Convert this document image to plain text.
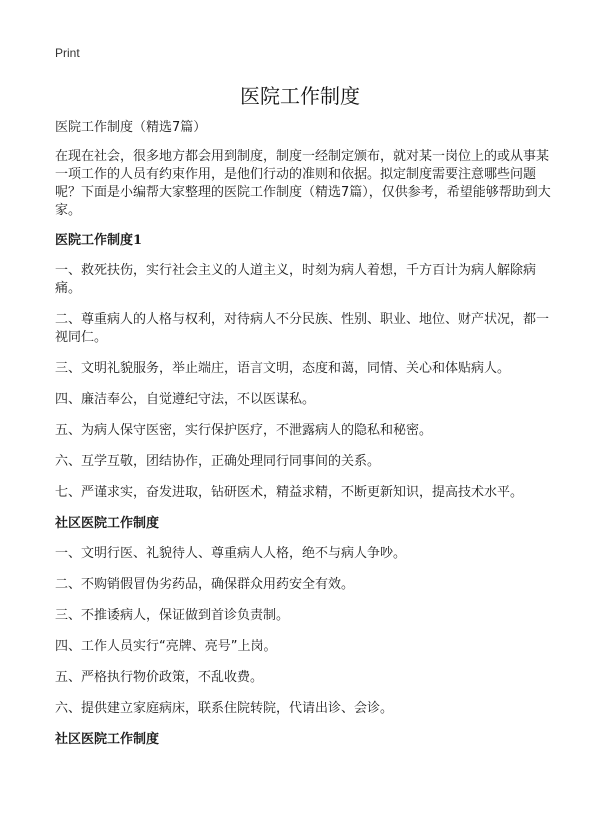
Print
医院工作制度

医院工作制度（精选7篇）

在现在社会，很多地方都会用到制度，制度一经制定颁布，就对某一岗位上的或从事某一项工作的人员有约束作用，是他们行动的准则和依据。拟定制度需要注意哪些问题呢？下面是小编帮大家整理的医院工作制度（精选7篇），仅供参考，希望能够帮助到大家。

医院工作制度1

一、救死扶伤，实行社会主义的人道主义，时刻为病人着想，千方百计为病人解除病痛。

二、尊重病人的人格与权利，对待病人不分民族、性别、职业、地位、财产状况，都一视同仁。

三、文明礼貌服务，举止端庄，语言文明，态度和蔼，同情、关心和体贴病人。

四、廉洁奉公，自觉遵纪守法，不以医谋私。

五、为病人保守医密，实行保护医疗，不泄露病人的隐私和秘密。

六、互学互敬，团结协作，正确处理同行同事间的关系。

七、严谨求实，奋发进取，钻研医术，精益求精，不断更新知识，提高技术水平。

社区医院工作制度

一、文明行医、礼貌待人、尊重病人人格，绝不与病人争吵。

二、不购销假冒伪劣药品，确保群众用药安全有效。

三、不推诿病人，保证做到首诊负责制。

四、工作人员实行“亮牌、亮号”上岗。

五、严格执行物价政策，不乱收费。

六、提供建立家庭病床，联系住院转院，代请出诊、会诊。

社区医院工作制度
